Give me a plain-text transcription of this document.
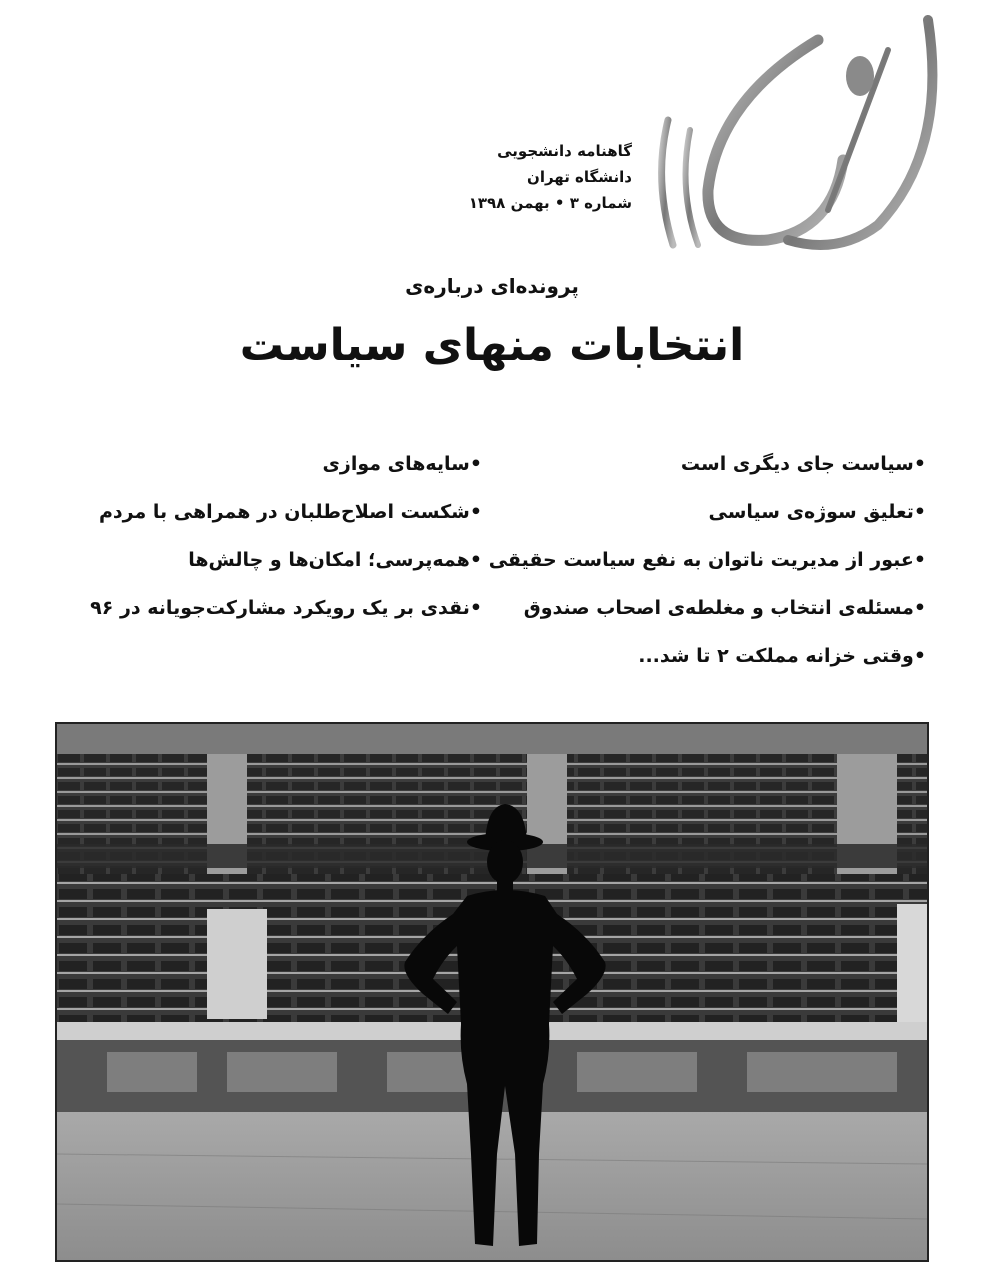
گاهنامه دانشجویی
دانشگاه تهران
شماره ۳ • بهمن ۱۳۹۸
پرونده‌ای درباره‌ی
انتخابات منهای سیاست
•سیاست جای دیگری است
•تعلیق سوژه‌ی سیاسی
•عبور از مدیریت ناتوان به نفع سیاست حقیقی
•مسئله‌ی انتخاب و مغلطه‌ی اصحاب صندوق
•وقتی خزانه مملکت ۲ تا شد...
•سایه‌های موازی
•شکست اصلاح‌طلبان در همراهی با مردم
•همه‌پرسی؛ امکان‌ها و چالش‌ها
•نقدی بر یک رویکرد مشارکت‌جویانه در ۹۶
